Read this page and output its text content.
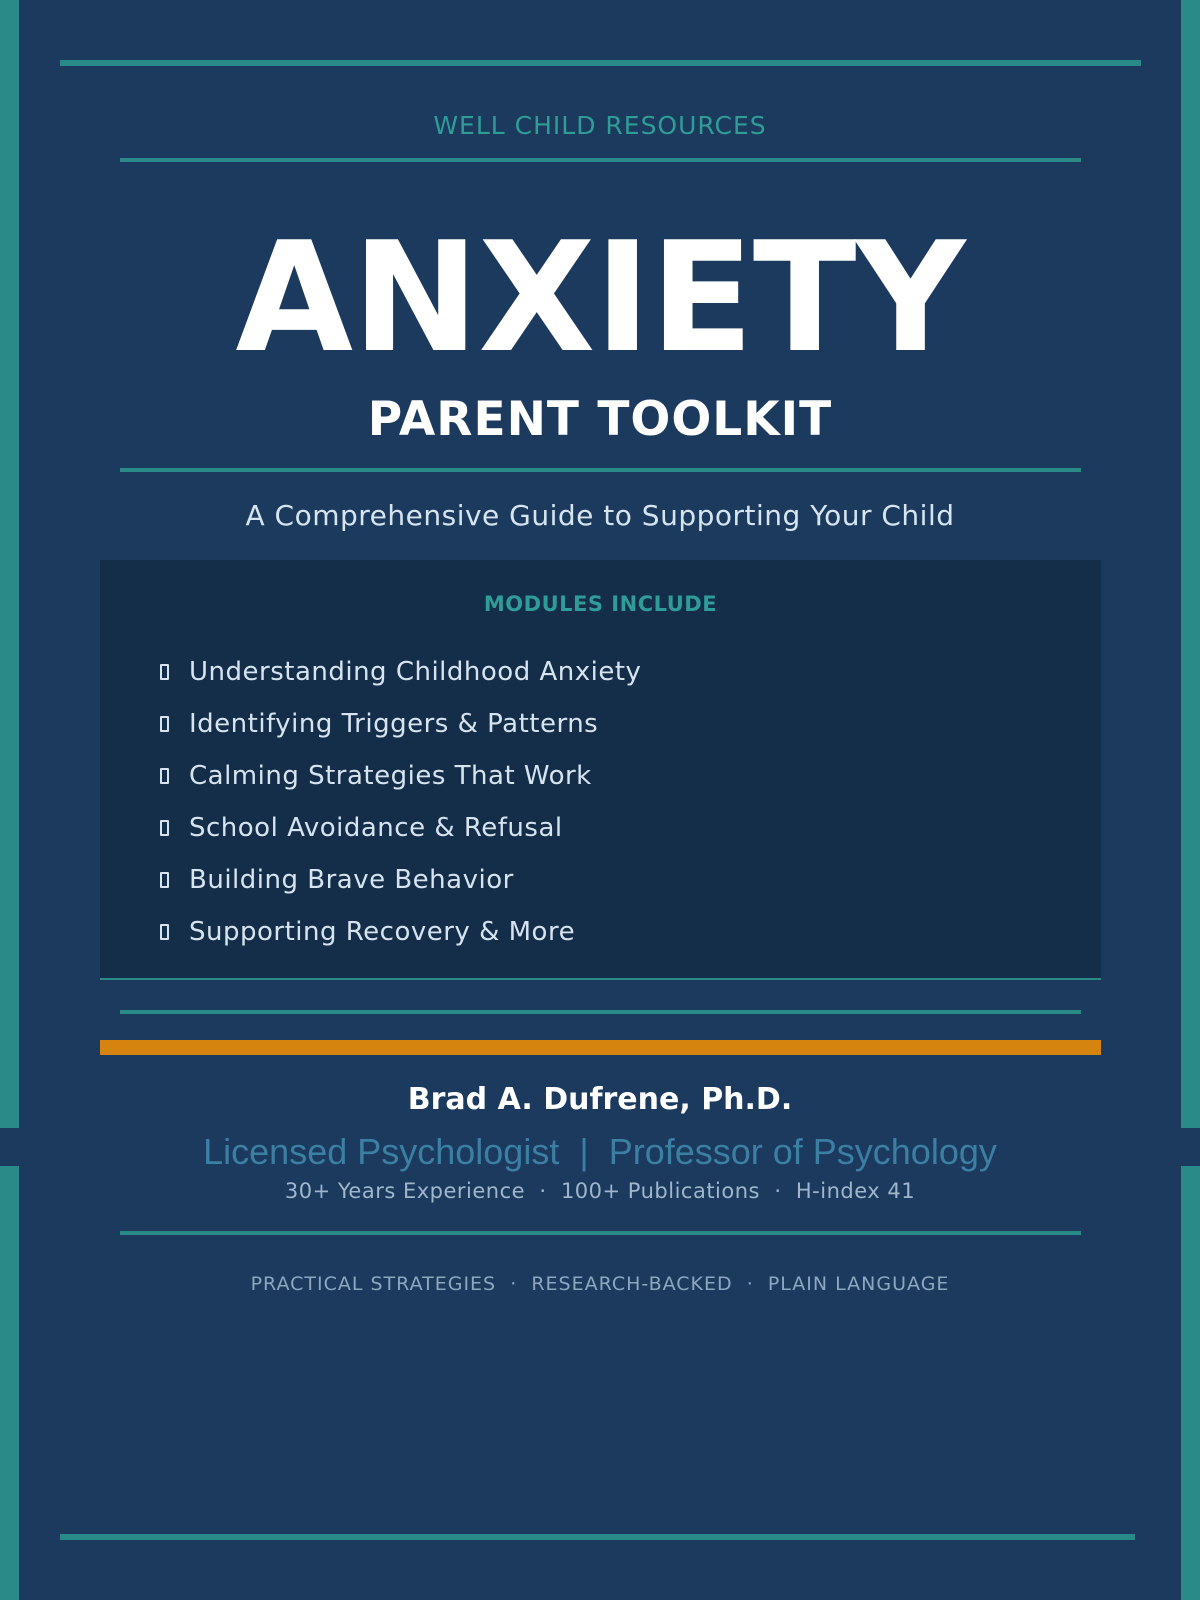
WELL CHILD RESOURCES

ANXIETY
PARENT TOOLKIT

A Comprehensive Guide to Supporting Your Child

MODULES INCLUDE
Understanding Childhood Anxiety
Identifying Triggers & Patterns
Calming Strategies That Work
School Avoidance & Refusal
Building Brave Behavior
Supporting Recovery & More

Brad A. Dufrene, Ph.D.

Licensed Psychologist  |  Professor of Psychology

30+ Years Experience  ·  100+ Publications  ·  H-index 41

PRACTICAL STRATEGIES  ·  RESEARCH-BACKED  ·  PLAIN LANGUAGE
